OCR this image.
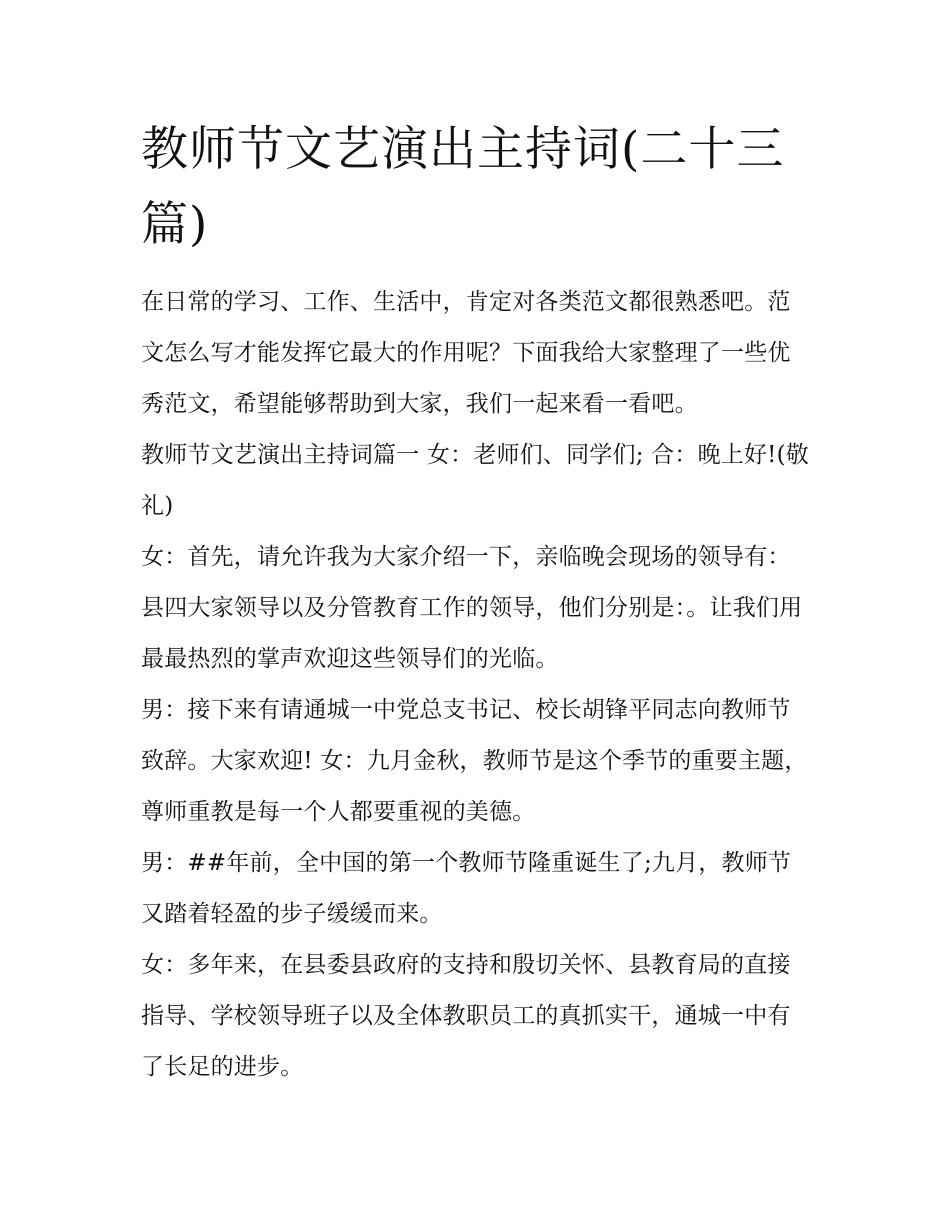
教师节文艺演出主持词(二十三篇)

在日常的学习、工作、生活中，肯定对各类范文都很熟悉吧。范文怎么写才能发挥它最大的作用呢？下面我给大家整理了一些优秀范文，希望能够帮助到大家，我们一起来看一看吧。

教师节文艺演出主持词篇一 女：老师们、同学们; 合：晚上好!(敬礼)

女：首先，请允许我为大家介绍一下，亲临晚会现场的领导有：县四大家领导以及分管教育工作的领导，他们分别是：。让我们用最最热烈的掌声欢迎这些领导们的光临。

男：接下来有请通城一中党总支书记、校长胡锋平同志向教师节致辞。大家欢迎! 女：九月金秋，教师节是这个季节的重要主题，尊师重教是每一个人都要重视的美德。

男：##年前，全中国的第一个教师节隆重诞生了;九月，教师节又踏着轻盈的步子缓缓而来。

女：多年来，在县委县政府的支持和殷切关怀、县教育局的直接指导、学校领导班子以及全体教职员工的真抓实干，通城一中有了长足的进步。
